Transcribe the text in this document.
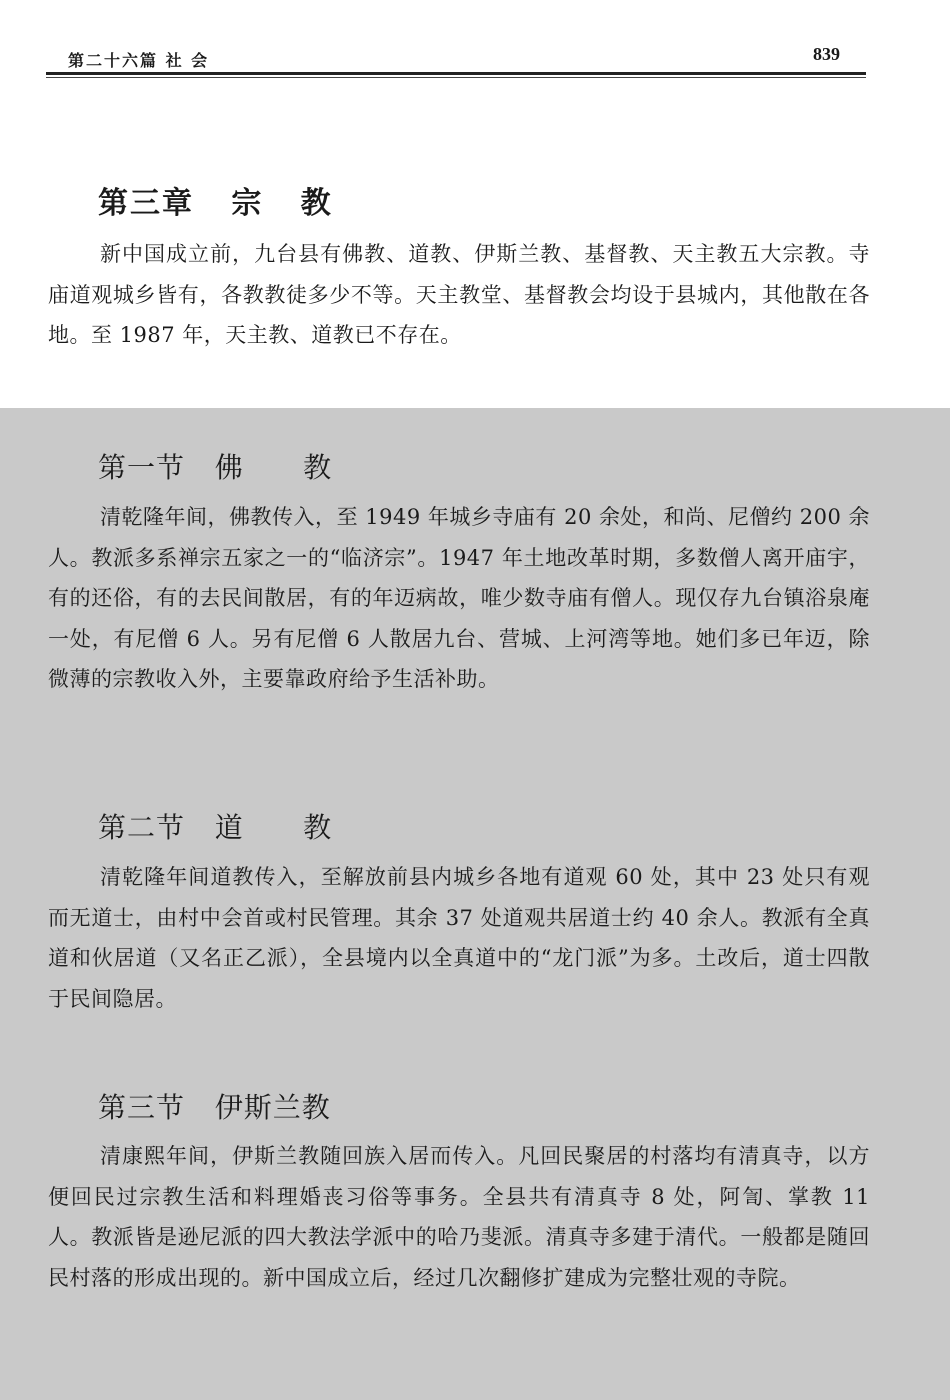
第二十六篇 社 会	839
第三章   宗   教

新中国成立前，九台县有佛教、道教、伊斯兰教、基督教、天主教五大宗教。寺庙道观城乡皆有，各教教徒多少不等。天主教堂、基督教会均设于县城内，其他散在各地。至 1987 年，天主教、道教已不存在。

第一节   佛      教

清乾隆年间，佛教传入，至 1949 年城乡寺庙有 20 余处，和尚、尼僧约 200 余人。教派多系禅宗五家之一的“临济宗”。1947 年土地改革时期，多数僧人离开庙宇，有的还俗，有的去民间散居，有的年迈病故，唯少数寺庙有僧人。现仅存九台镇浴泉庵一处，有尼僧 6 人。另有尼僧 6 人散居九台、营城、上河湾等地。她们多已年迈，除微薄的宗教收入外，主要靠政府给予生活补助。

第二节   道      教

清乾隆年间道教传入，至解放前县内城乡各地有道观 60 处，其中 23 处只有观而无道士，由村中会首或村民管理。其余 37 处道观共居道士约 40 余人。教派有全真道和伙居道（又名正乙派），全县境内以全真道中的“龙门派”为多。土改后，道士四散于民间隐居。

第三节   伊斯兰教

清康熙年间，伊斯兰教随回族入居而传入。凡回民聚居的村落均有清真寺，以方便回民过宗教生活和料理婚丧习俗等事务。全县共有清真寺 8 处，阿訇、掌教 11 人。教派皆是逊尼派的四大教法学派中的哈乃斐派。清真寺多建于清代。一般都是随回民村落的形成出现的。新中国成立后，经过几次翻修扩建成为完整壮观的寺院。
